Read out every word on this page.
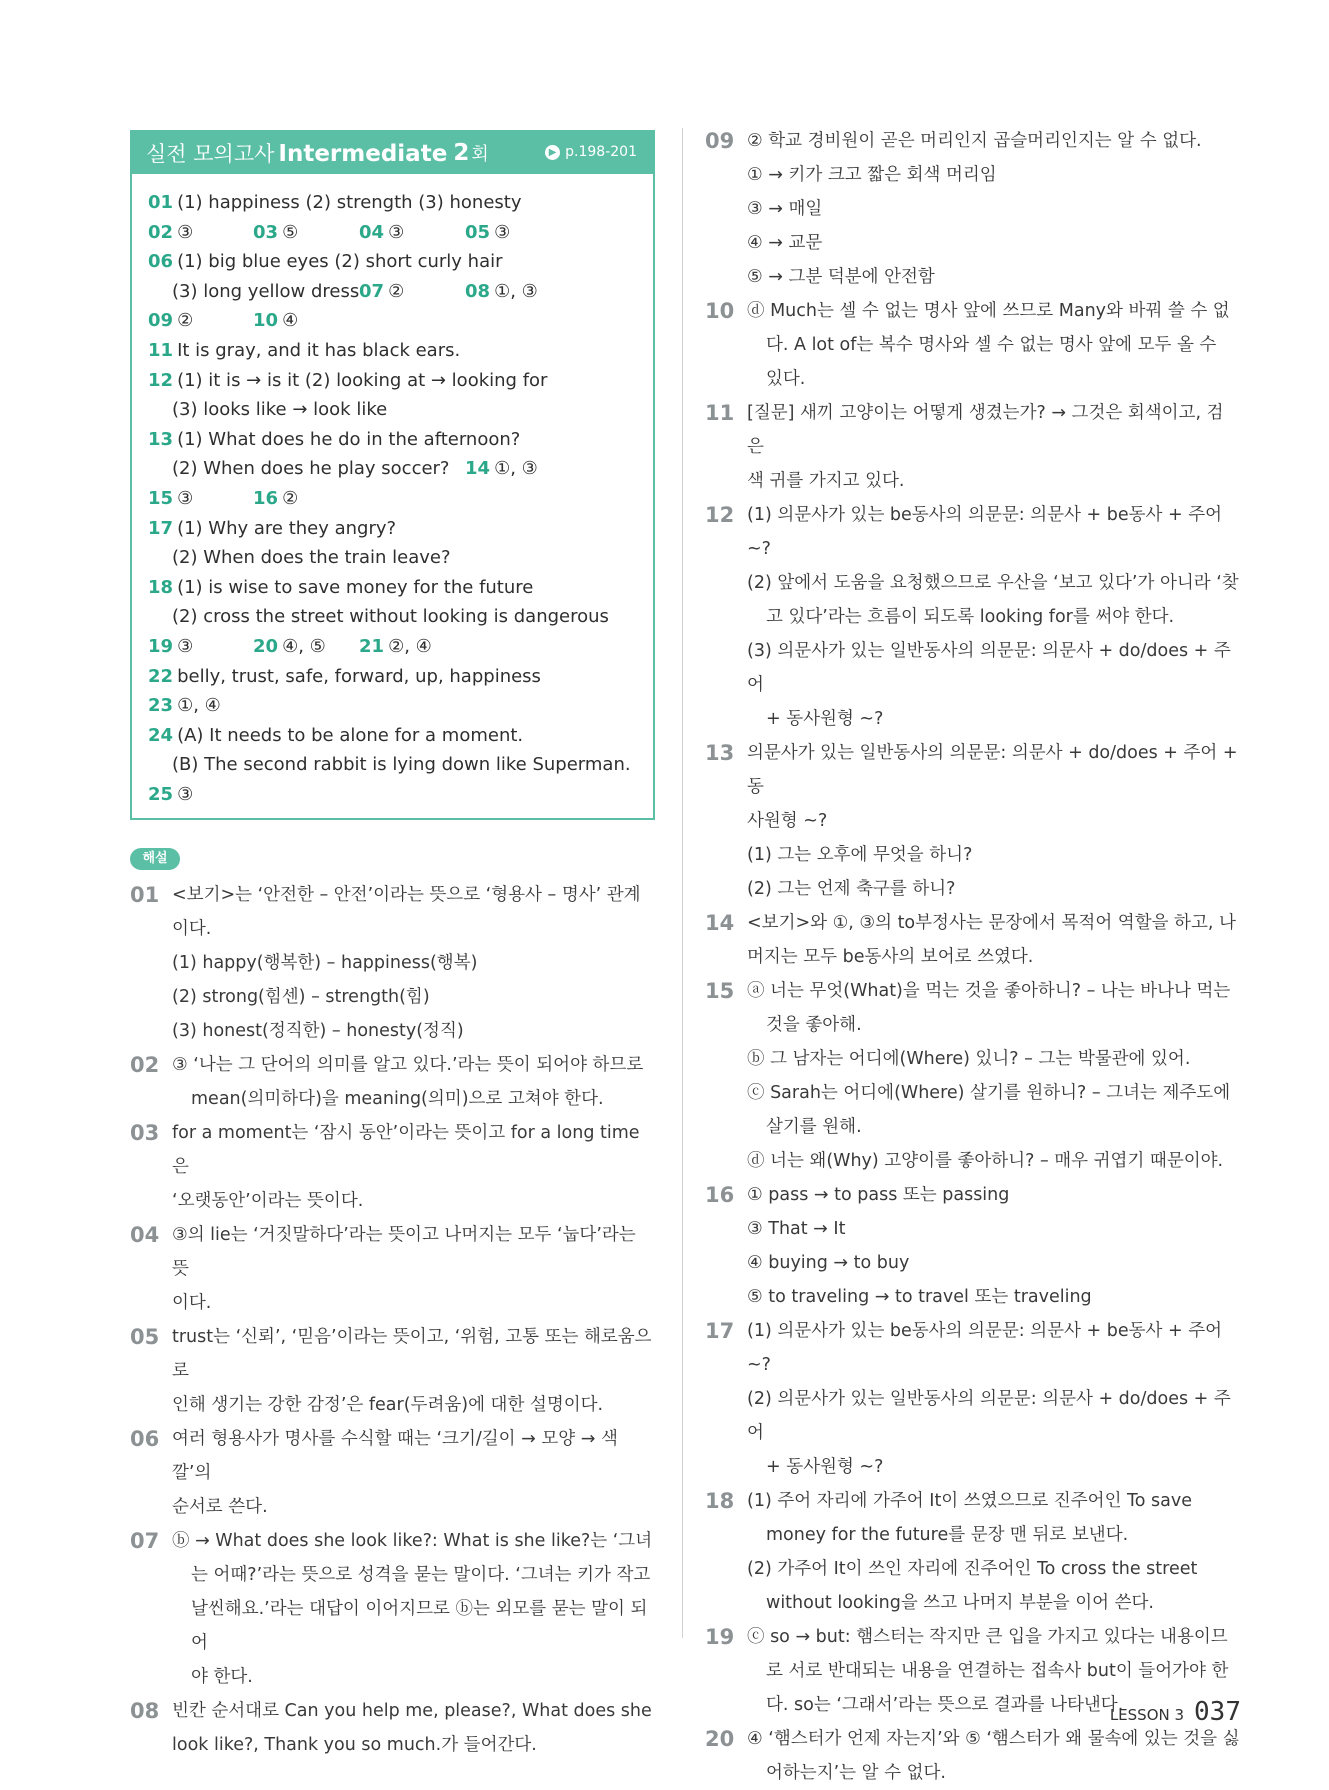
실전 모의고사 Intermediate 2 회	▶ p.198-201
01 (1) happiness (2) strength (3) honesty
02 ③	03 ⑤	04 ③	05 ③
06 (1) big blue eyes (2) short curly hair
(3) long yellow dress 07 ②	08 ①, ③
09 ②	10 ④
11 It is gray, and it has black ears.
12 (1) it is → is it (2) looking at → looking for
(3) looks like → look like
13 (1) What does he do in the afternoon?
(2) When does he play soccer? 14 ①, ③
15 ③	16 ②
17 (1) Why are they angry?
(2) When does the train leave?
18 (1) is wise to save money for the future
(2) cross the street without looking is dangerous
19 ③	20 ④, ⑤ 21 ②, ④
22 belly, trust, safe, forward, up, happiness
23 ①, ④
24 (A) It needs to be alone for a moment.
(B) The second rabbit is lying down like Superman.
25 ③
해설
01 <보기>는 ‘안전한 – 안전’이라는 뜻으로 ‘형용사 – 명사’ 관계
이다.
(1) happy(행복한) – happiness(행복)
(2) strong(힘센) – strength(힘)
(3) honest(정직한) – honesty(정직)
02 ③ ‘나는 그 단어의 의미를 알고 있다.’라는 뜻이 되어야 하므로
mean(의미하다)을 meaning(의미)으로 고쳐야 한다.
03 for a moment는 ‘잠시 동안’이라는 뜻이고 for a long time은
‘오랫동안’이라는 뜻이다.
04 ③의 lie는 ‘거짓말하다’라는 뜻이고 나머지는 모두 ‘눕다’라는 뜻
이다.
05 trust는 ‘신뢰’, ‘믿음’이라는 뜻이고, ‘위험, 고통 또는 해로움으로
인해 생기는 강한 감정’은 fear(두려움)에 대한 설명이다.
06 여러 형용사가 명사를 수식할 때는 ‘크기/길이 → 모양 → 색깔’의
순서로 쓴다.
07 ⓑ → What does she look like?: What is she like?는 ‘그녀
는 어때?’라는 뜻으로 성격을 묻는 말이다. ‘그녀는 키가 작고
날씬해요.’라는 대답이 이어지므로 ⓑ는 외모를 묻는 말이 되어
야 한다.
08 빈칸 순서대로 Can you help me, please?, What does she
look like?, Thank you so much.가 들어간다.
09 ② 학교 경비원이 곧은 머리인지 곱슬머리인지는 알 수 없다.
① → 키가 크고 짧은 회색 머리임
③ → 매일
④ → 교문
⑤ → 그분 덕분에 안전함
10 ⓓ Much는 셀 수 없는 명사 앞에 쓰므로 Many와 바꿔 쓸 수 없
다. A lot of는 복수 명사와 셀 수 없는 명사 앞에 모두 올 수
있다.
11 [질문] 새끼 고양이는 어떻게 생겼는가? → 그것은 회색이고, 검은
색 귀를 가지고 있다.
12 (1) 의문사가 있는 be동사의 의문문: 의문사 + be동사 + 주어 ~?
(2) 앞에서 도움을 요청했으므로 우산을 ‘보고 있다’가 아니라 ‘찾
고 있다’라는 흐름이 되도록 looking for를 써야 한다.
(3) 의문사가 있는 일반동사의 의문문: 의문사 + do/does + 주어
+ 동사원형 ~?
13 의문사가 있는 일반동사의 의문문: 의문사 + do/does + 주어 + 동
사원형 ~?
(1) 그는 오후에 무엇을 하니?
(2) 그는 언제 축구를 하니?
14 <보기>와 ①, ③의 to부정사는 문장에서 목적어 역할을 하고, 나
머지는 모두 be동사의 보어로 쓰였다.
15 ⓐ 너는 무엇(What)을 먹는 것을 좋아하니? – 나는 바나나 먹는
것을 좋아해.
ⓑ 그 남자는 어디에(Where) 있니? – 그는 박물관에 있어.
ⓒ Sarah는 어디에(Where) 살기를 원하니? – 그녀는 제주도에
살기를 원해.
ⓓ 너는 왜(Why) 고양이를 좋아하니? – 매우 귀엽기 때문이야.
16 ① pass → to pass 또는 passing
③ That → It
④ buying → to buy
⑤ to traveling → to travel 또는 traveling
17 (1) 의문사가 있는 be동사의 의문문: 의문사 + be동사 + 주어 ~?
(2) 의문사가 있는 일반동사의 의문문: 의문사 + do/does + 주어
+ 동사원형 ~?
18 (1) 주어 자리에 가주어 It이 쓰였으므로 진주어인 To save
money for the future를 문장 맨 뒤로 보낸다.
(2) 가주어 It이 쓰인 자리에 진주어인 To cross the street
without looking을 쓰고 나머지 부분을 이어 쓴다.
19 ⓒ so → but: 햄스터는 작지만 큰 입을 가지고 있다는 내용이므
로 서로 반대되는 내용을 연결하는 접속사 but이 들어가야 한
다. so는 ‘그래서’라는 뜻으로 결과를 나타낸다.
20 ④ ‘햄스터가 언제 자는지’와 ⑤ ‘햄스터가 왜 물속에 있는 것을 싫
어하는지’는 알 수 없다.
LESSON 3 037
